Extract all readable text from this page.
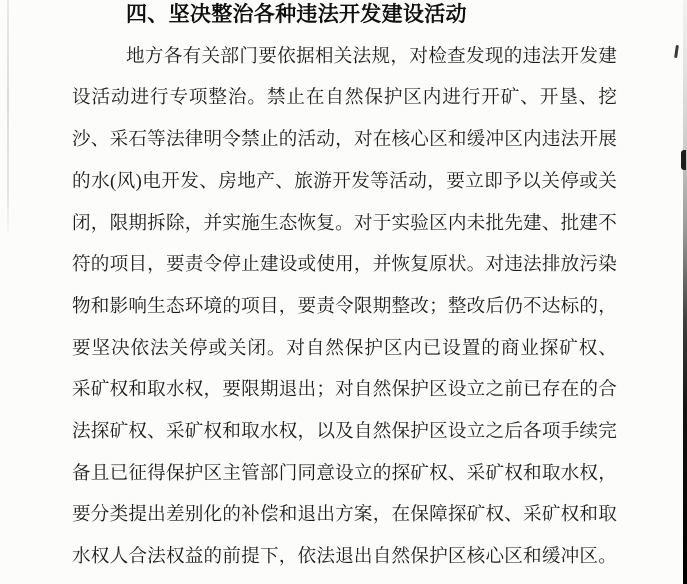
四、坚决整治各种违法开发建设活动
地方各有关部门要依据相关法规，对检查发现的违法开发建
设活动进行专项整治。禁止在自然保护区内进行开矿、开垦、挖
沙、采石等法律明令禁止的活动，对在核心区和缓冲区内违法开展
的水(风)电开发、房地产、旅游开发等活动，要立即予以关停或关
闭，限期拆除，并实施生态恢复。对于实验区内未批先建、批建不
符的项目，要责令停止建设或使用，并恢复原状。对违法排放污染
物和影响生态环境的项目，要责令限期整改；整改后仍不达标的，
要坚决依法关停或关闭。对自然保护区内已设置的商业探矿权、
采矿权和取水权，要限期退出；对自然保护区设立之前已存在的合
法探矿权、采矿权和取水权，以及自然保护区设立之后各项手续完
备且已征得保护区主管部门同意设立的探矿权、采矿权和取水权，
要分类提出差别化的补偿和退出方案，在保障探矿权、采矿权和取
水权人合法权益的前提下，依法退出自然保护区核心区和缓冲区。
